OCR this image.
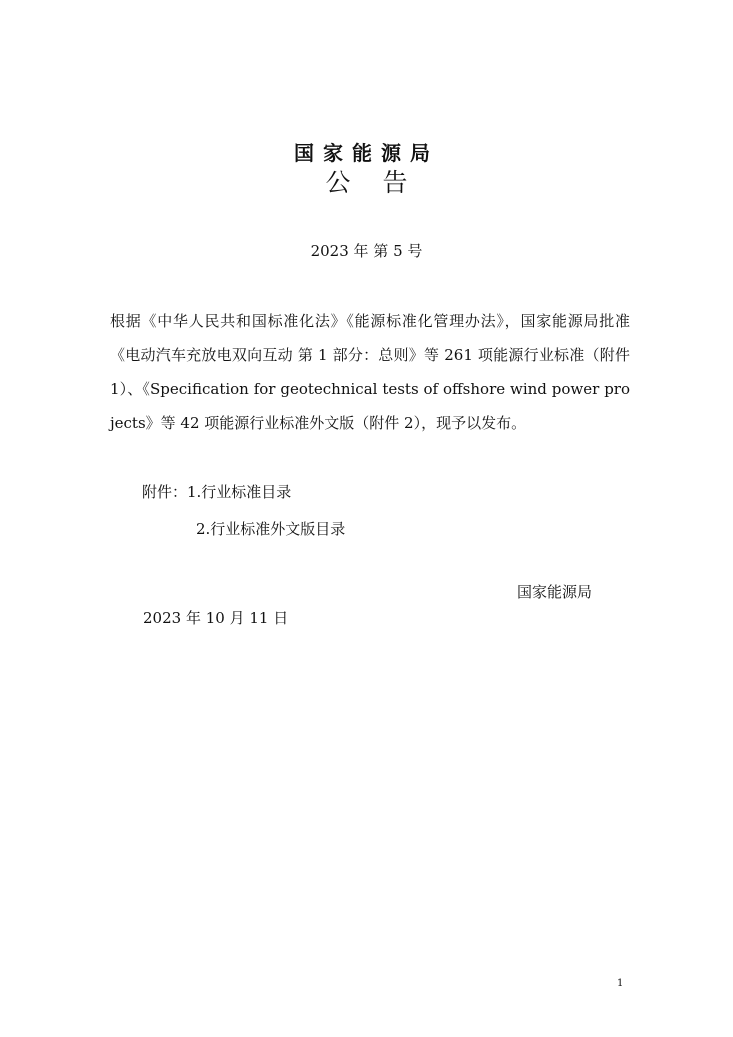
国家能源局
公告
2023 年 第 5 号

根据《中华人民共和国标准化法》《能源标准化管理办法》，国家能源局批准《电动汽车充放电双向互动 第 1 部分：总则》等 261 项能源行业标准（附件 1）、《Specification for geotechnical tests of offshore wind power projects》等 42 项能源行业标准外文版（附件 2），现予以发布。

附件：1.行业标准目录
2.行业标准外文版目录
国家能源局
2023 年 10 月 11 日
1
